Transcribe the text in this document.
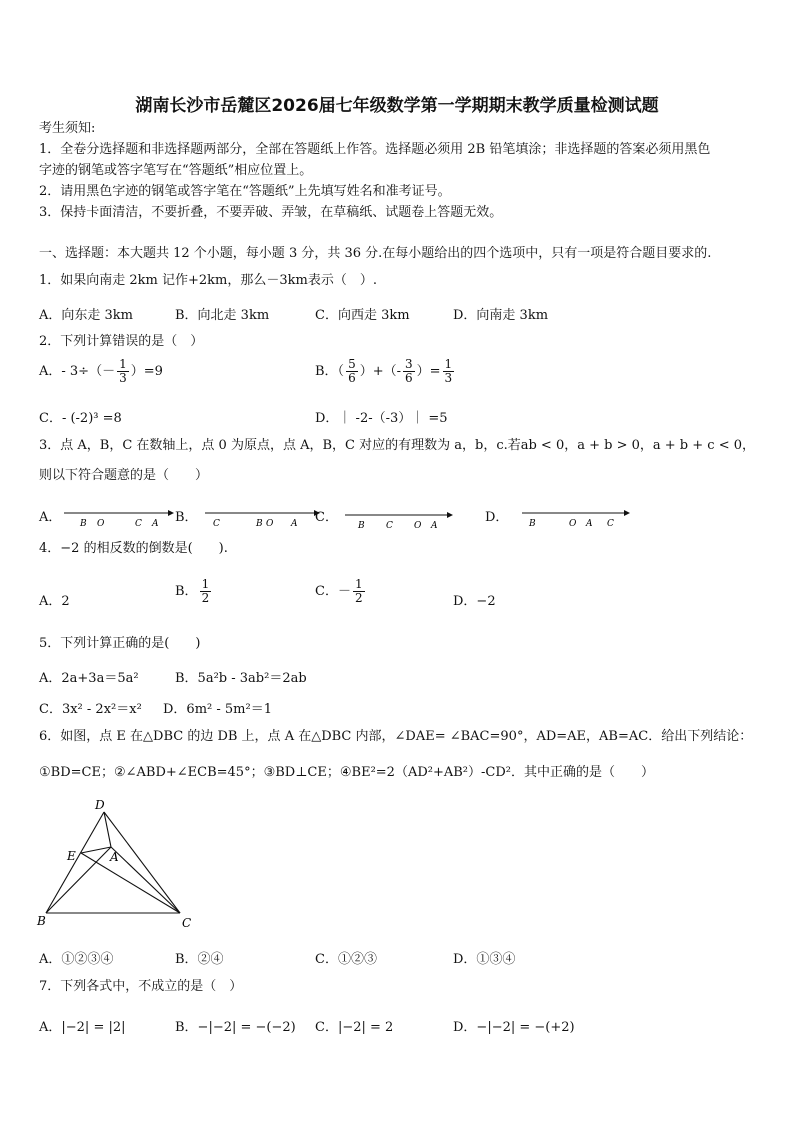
湖南长沙市岳麓区2026届七年级数学第一学期期末教学质量检测试题
考生须知:
1．全卷分选择题和非选择题两部分，全部在答题纸上作答。选择题必须用 2B 铅笔填涂；非选择题的答案必须用黑色
字迹的钢笔或答字笔写在“答题纸”相应位置上。
2．请用黑色字迹的钢笔或答字笔在“答题纸”上先填写姓名和准考证号。
3．保持卡面清洁，不要折叠，不要弄破、弄皱，在草稿纸、试题卷上答题无效。
一、选择题：本大题共 12 个小题，每小题 3 分，共 36 分.在每小题给出的四个选项中，只有一项是符合题目要求的.
1．如果向南走 2km 记作+2km，那么－3km表示（　）.
A．向东走 3km	B．向北走 3km	C．向西走 3km	D．向南走 3km
2．下列计算错误的是（　）
A．- $3\div(- \frac{1}{3} )=9$	B．（ $\frac{5}{6}$ ）+（- $\frac{3}{6}$ ）= $\frac{1}{3}$
C．- (-2)³ =8	D．｜ -2-（-3）｜ =5
3．点 A，B，C 在数轴上，点 0 为原点，点 A，B，C 对应的有理数为 a，b，c.若ab < 0，a + b > 0，a + b + c < 0，
则以下符合题意的是（　　）
A． B O	C A B． C	B O A C．
B C O A
D． B	O A C
4．−2 的相反数的倒数是(　　).
A．2
B． $\frac{1}{2}$	C．－ $\frac{1}{2}$	D．−2
5．下列计算正确的是(　　)
A．2a+3a＝5a²	B．5a²b - 3ab²＝2ab
C．3x² - 2x²＝x² D．6m² - 5m²＝1
6．如图，点 E 在△DBC 的边 DB 上，点 A 在△DBC 内部，∠DAE= ∠BAC=90°，AD=AE，AB=AC．给出下列结论：
①BD=CE；②∠ABD+∠ECB=45°；③BD⊥CE；④BE²=2（AD²+AB²）-CD²．其中正确的是（　　）
D
E	A
B	C
A．①②③④	B．②④	C．①②③	D．①③④
7．下列各式中，不成立的是（　）
A．|−2| = |2|	B．−|−2| = −(−2) C．|−2| = 2	D．−|−2| = −(+2)
